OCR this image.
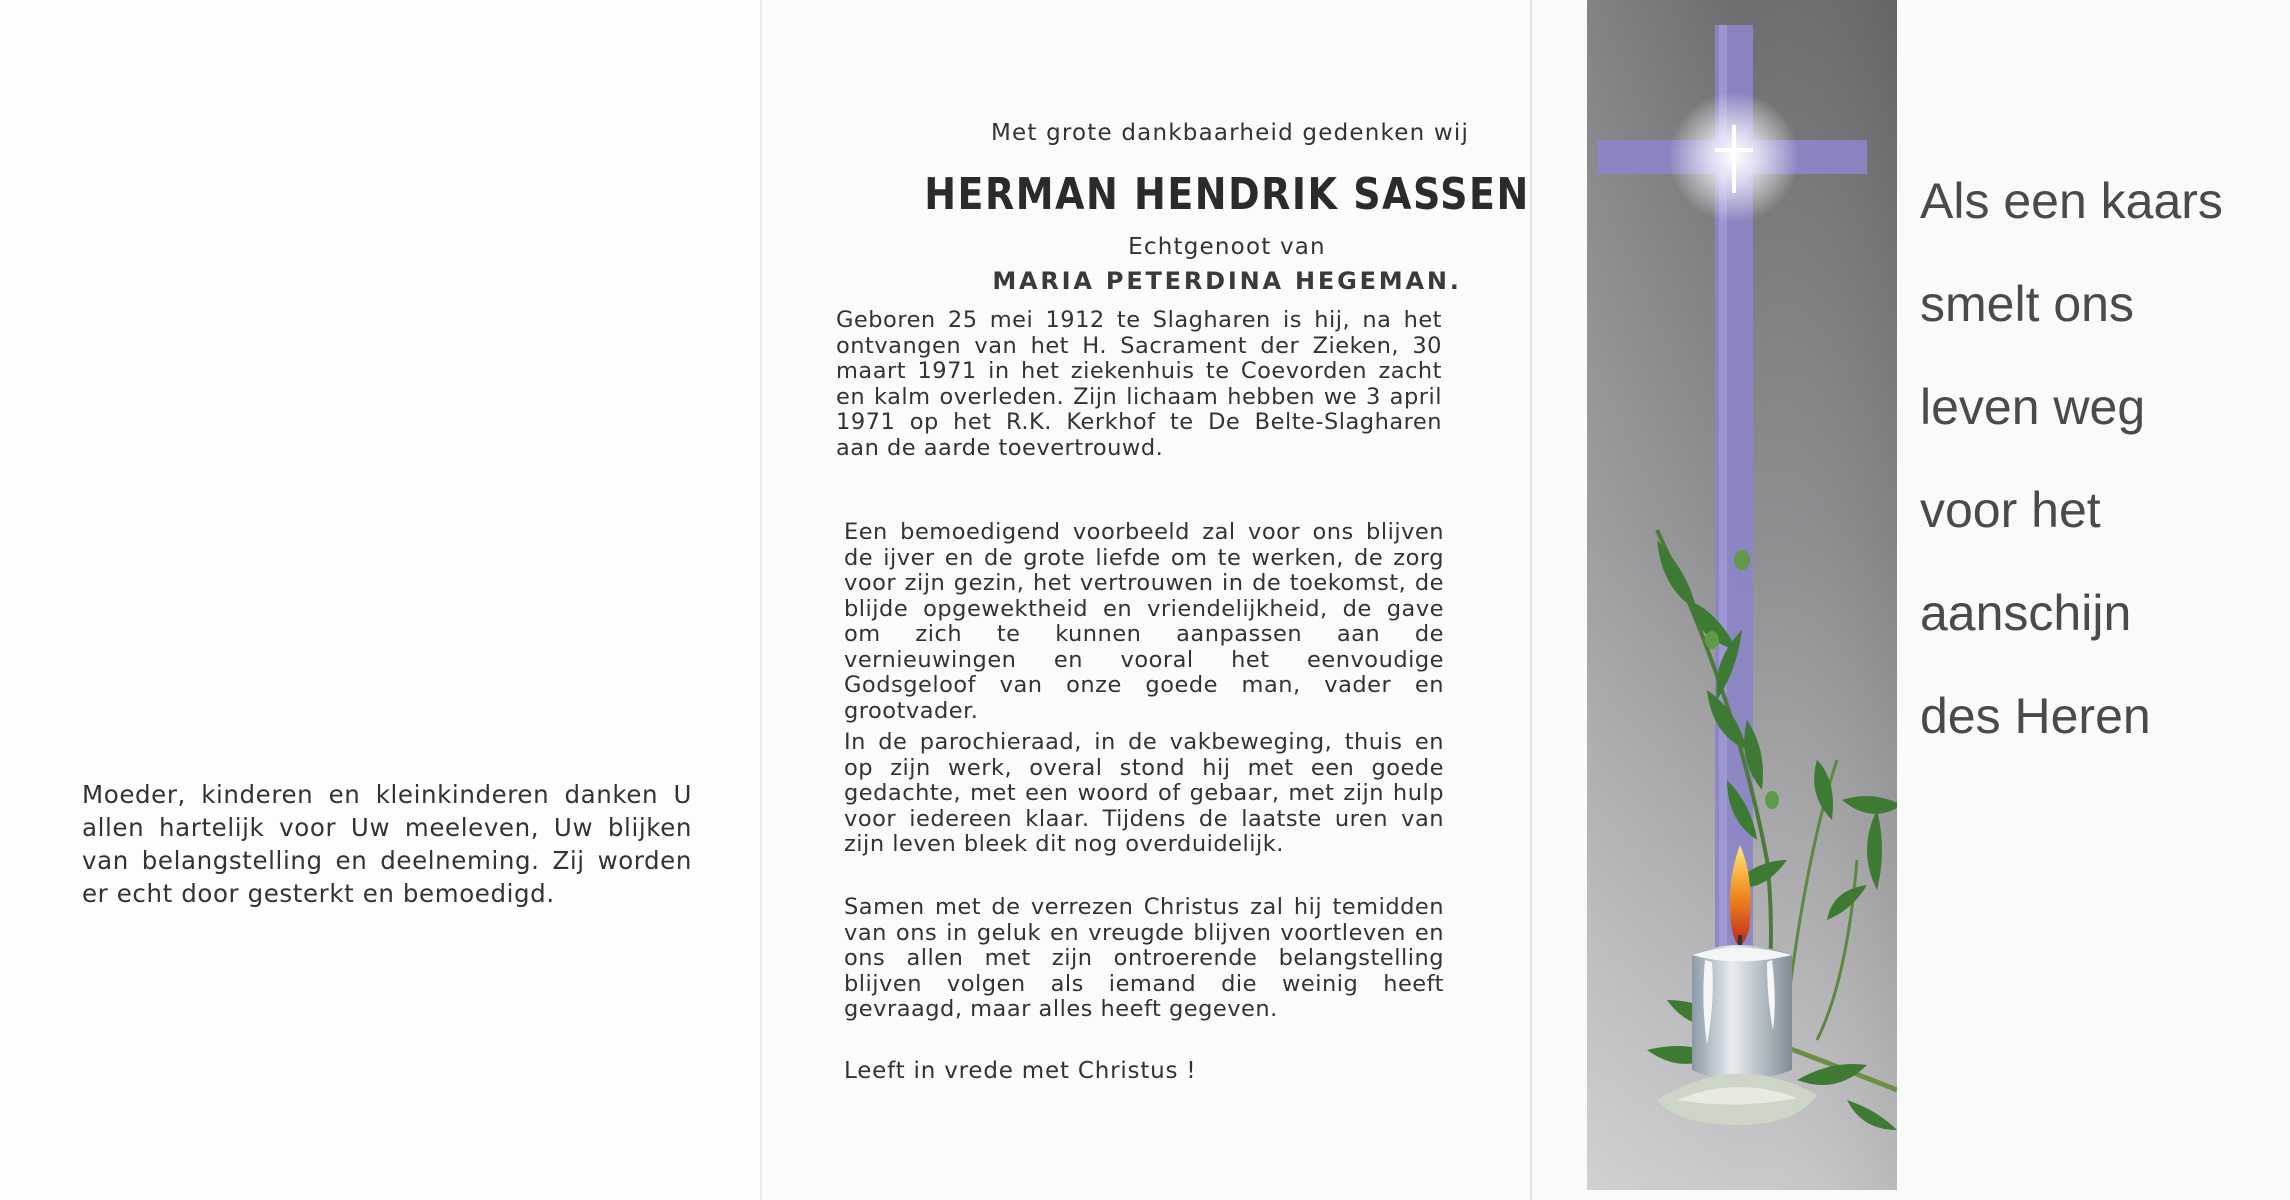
Moeder, kinderen en kleinkinderen danken U allen hartelijk voor Uw meeleven, Uw blijken van belangstelling en deelneming. Zij worden er echt door gesterkt en bemoedigd.
Met grote dankbaarheid gedenken wij
HERMAN HENDRIK SASSEN
Echtgenoot van
MARIA PETERDINA HEGEMAN.
Geboren 25 mei 1912 te Slagharen is hij, na het ontvangen van het H. Sacrament der Zieken, 30 maart 1971 in het ziekenhuis te Coevorden zacht en kalm overleden. Zijn lichaam hebben we 3 april 1971 op het R.K. Kerkhof te De Belte-Slagharen aan de aarde toevertrouwd.
Een bemoedigend voorbeeld zal voor ons blijven de ijver en de grote liefde om te werken, de zorg voor zijn gezin, het vertrouwen in de toekomst, de blijde opgewektheid en vriendelijkheid, de gave om zich te kunnen aanpassen aan de vernieuwingen en vooral het eenvoudige Godsgeloof van onze goede man, vader en grootvader.
In de parochieraad, in de vakbeweging, thuis en op zijn werk, overal stond hij met een goede gedachte, met een woord of gebaar, met zijn hulp voor iedereen klaar. Tijdens de laatste uren van zijn leven bleek dit nog overduidelijk.
Samen met de verrezen Christus zal hij temidden van ons in geluk en vreugde blijven voortleven en ons allen met zijn ontroerende belangstelling blijven volgen als iemand die weinig heeft gevraagd, maar alles heeft gegeven.
Leeft in vrede met Christus !
Als een kaars
smelt ons
leven weg
voor het
aanschijn
des Heren
